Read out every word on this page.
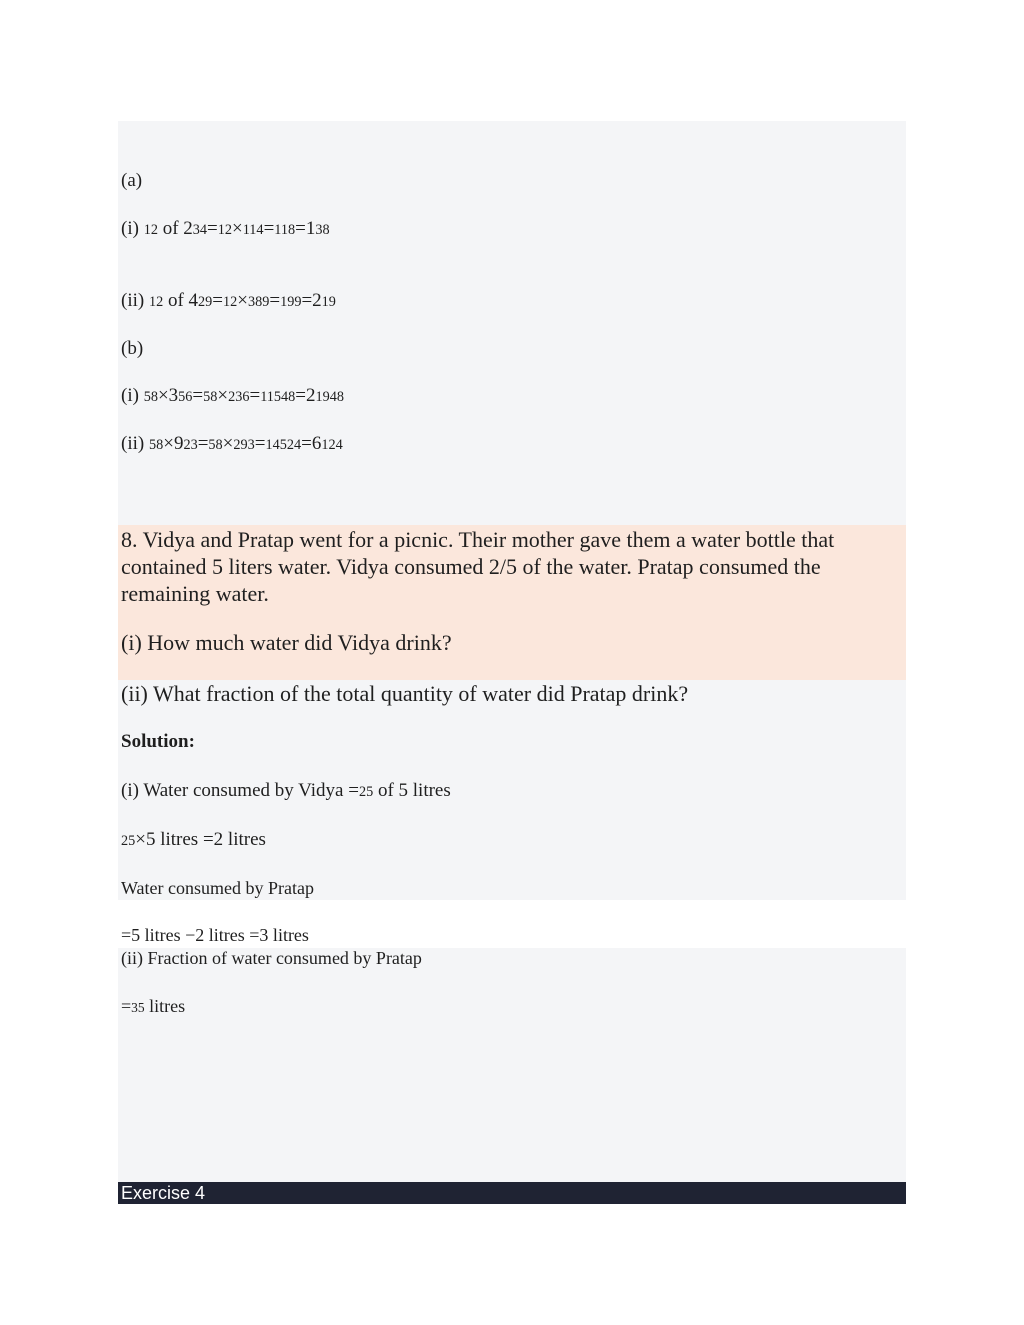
(a)
(i) 12 of 234=12×114=118=138
(ii) 12 of 429=12×389=199=219
(b)
(i) 58×356=58×236=11548=21948
(ii) 58×923=58×293=14524=6124
8. Vidya and Pratap went for a picnic. Their mother gave them a water bottle that contained 5 liters water. Vidya consumed 2/5 of the water. Pratap consumed the remaining water.
(i) How much water did Vidya drink?
(ii) What fraction of the total quantity of water did Pratap drink?
Solution:
(i) Water consumed by Vidya =25 of 5 litres
25×5 litres =2 litres
Water consumed by Pratap
=5 litres −2 litres =3 litres
(ii) Fraction of water consumed by Pratap
=35 litres
Exercise 4
